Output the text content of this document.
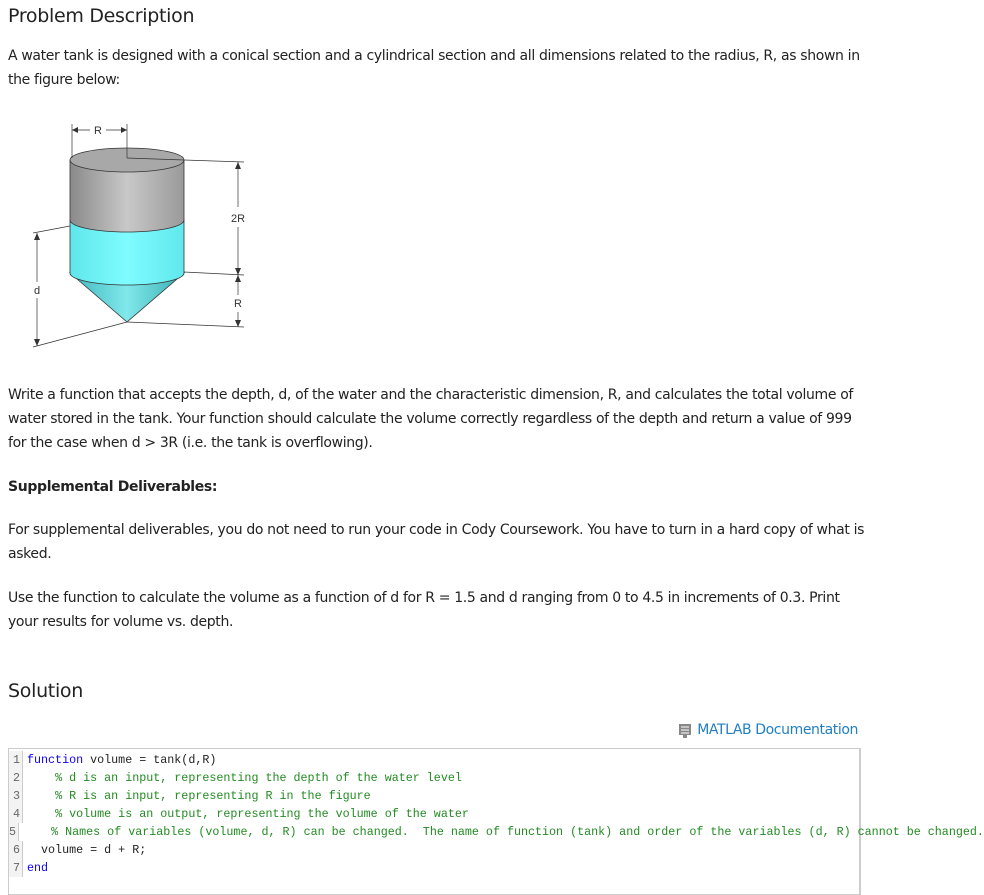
Problem Description

A water tank is designed with a conical section and a cylindrical section and all dimensions related to the radius, R, as shown in the figure below:

R
2R
R
d

Write a function that accepts the depth, d, of the water and the characteristic dimension, R, and calculates the total volume of water stored in the tank. Your function should calculate the volume correctly regardless of the depth and return a value of 999 for the case when d > 3R (i.e. the tank is overflowing).

Supplemental Deliverables:

For supplemental deliverables, you do not need to run your code in Cody Coursework. You have to turn in a hard copy of what is asked.

Use the function to calculate the volume as a function of d for R = 1.5 and d ranging from 0 to 4.5 in increments of 0.3. Print your results for volume vs. depth.

Solution
MATLAB Documentation
1 function volume = tank(d,R)
2
	% d is an input, representing the depth of the water level
3
	% R is an input, representing R in the figure
4
	% volume is an output, representing the volume of the water
5
	% Names of variables (volume, d, R) can be changed.  The name of function (tank) and order of the variables (d, R) cannot be changed.
6 volume = d + R;
7 end
